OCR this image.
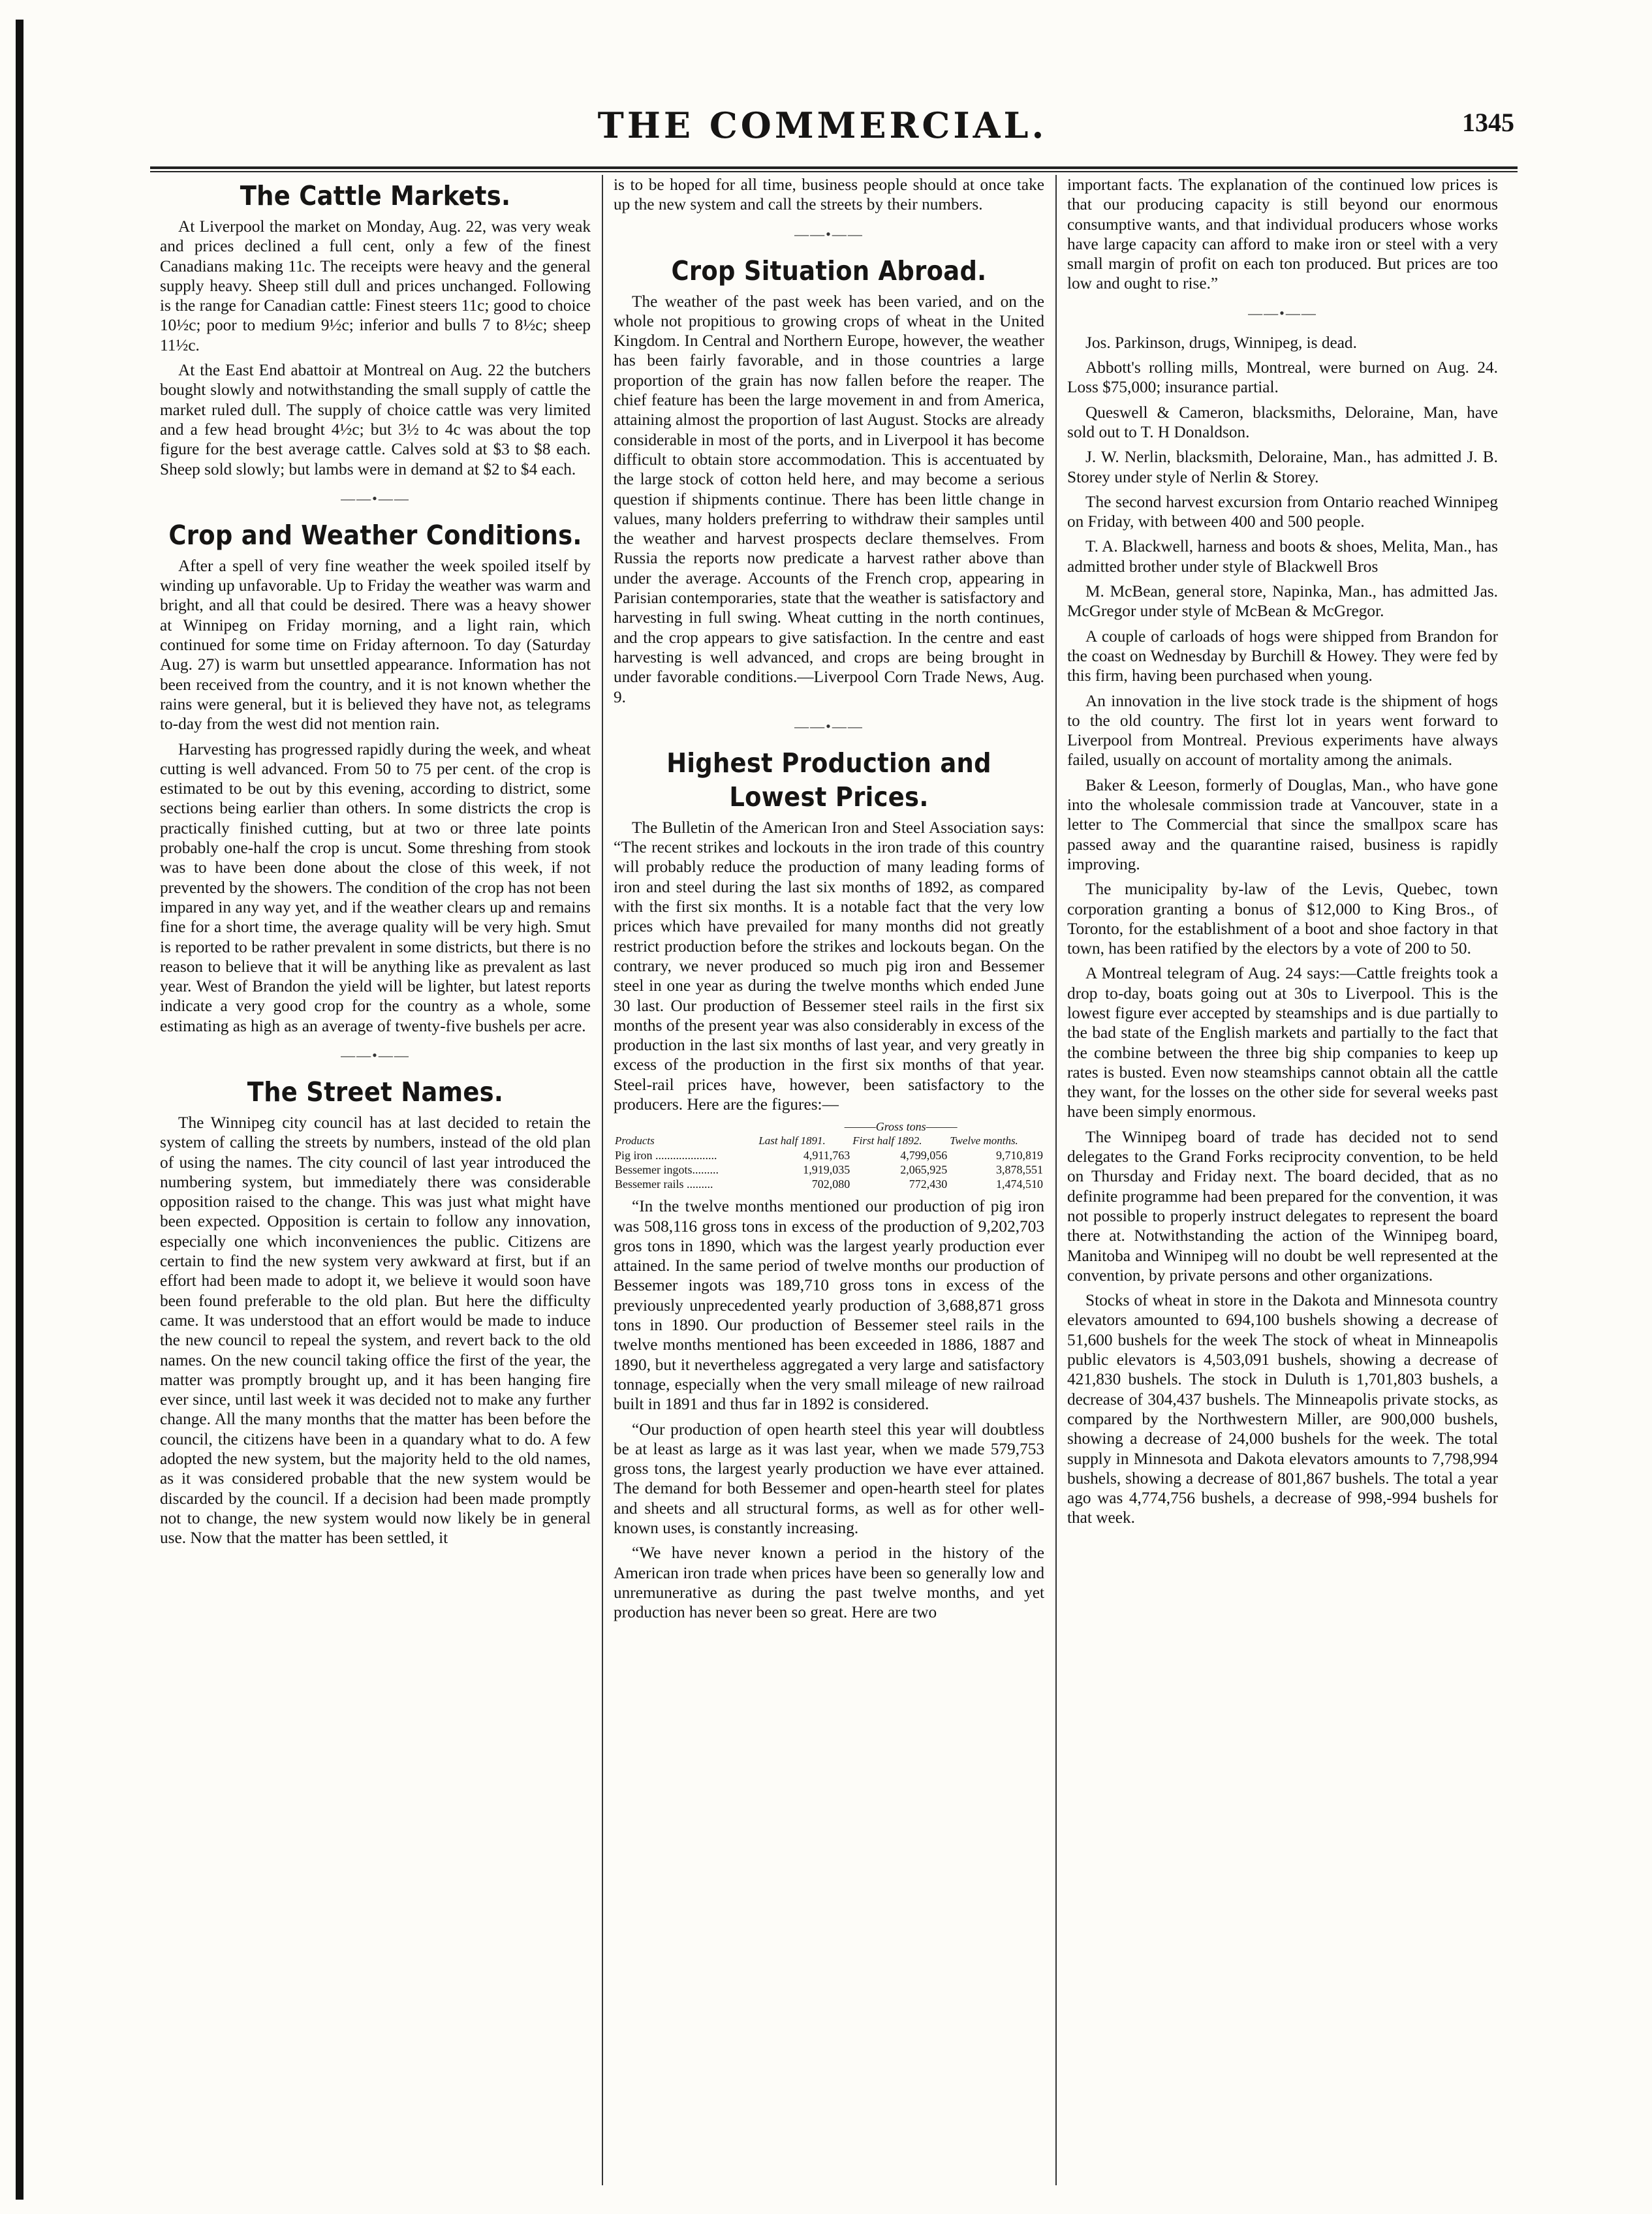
THE COMMERCIAL.	1345
The Cattle Markets.

At Liverpool the market on Monday, Aug. 22, was very weak and prices declined a full cent, only a few of the finest Canadians making 11c. The receipts were heavy and the general supply heavy. Sheep still dull and prices unchanged. Following is the range for Canadian cattle: Finest steers 11c; good to choice 10½c; poor to medium 9½c; inferior and bulls 7 to 8½c; sheep 11½c.

At the East End abattoir at Montreal on Aug. 22 the butchers bought slowly and notwithstanding the small supply of cattle the market ruled dull. The supply of choice cattle was very limited and a few head brought 4½c; but 3½ to 4c was about the top figure for the best average cattle. Calves sold at $3 to $8 each. Sheep sold slowly; but lambs were in demand at $2 to $4 each.

——•——
Crop and Weather Conditions.

After a spell of very fine weather the week spoiled itself by winding up unfavorable. Up to Friday the weather was warm and bright, and all that could be desired. There was a heavy shower at Winnipeg on Friday morning, and a light rain, which continued for some time on Friday afternoon. To day (Saturday Aug. 27) is warm but unsettled appearance. Information has not been received from the country, and it is not known whether the rains were general, but it is believed they have not, as telegrams to-day from the west did not mention rain.

Harvesting has progressed rapidly during the week, and wheat cutting is well advanced. From 50 to 75 per cent. of the crop is estimated to be out by this evening, according to district, some sections being earlier than others. In some districts the crop is practically finished cutting, but at two or three late points probably one-half the crop is uncut. Some threshing from stook was to have been done about the close of this week, if not prevented by the showers. The condition of the crop has not been impared in any way yet, and if the weather clears up and remains fine for a short time, the average quality will be very high. Smut is reported to be rather prevalent in some districts, but there is no reason to believe that it will be anything like as prevalent as last year. West of Brandon the yield will be lighter, but latest reports indicate a very good crop for the country as a whole, some estimating as high as an average of twenty-five bushels per acre.

——•——
The Street Names.

The Winnipeg city council has at last decided to retain the system of calling the streets by numbers, instead of the old plan of using the names. The city council of last year introduced the numbering system, but immediately there was considerable opposition raised to the change. This was just what might have been expected. Opposition is certain to follow any innovation, especially one which inconveniences the public. Citizens are certain to find the new system very awkward at first, but if an effort had been made to adopt it, we believe it would soon have been found preferable to the old plan. But here the difficulty came. It was understood that an effort would be made to induce the new council to repeal the system, and revert back to the old names. On the new council taking office the first of the year, the matter was promptly brought up, and it has been hanging fire ever since, until last week it was decided not to make any further change. All the many months that the matter has been before the council, the citizens have been in a quandary what to do. A few adopted the new system, but the majority held to the old names, as it was considered probable that the new system would be discarded by the council. If a decision had been made promptly not to change, the new system would now likely be in general use. Now that the matter has been settled, it

is to be hoped for all time, business people should at once take up the new system and call the streets by their numbers.

——•——
Crop Situation Abroad.

The weather of the past week has been varied, and on the whole not propitious to growing crops of wheat in the United Kingdom. In Central and Northern Europe, however, the weather has been fairly favorable, and in those countries a large proportion of the grain has now fallen before the reaper. The chief feature has been the large movement in and from America, attaining almost the proportion of last August. Stocks are already considerable in most of the ports, and in Liverpool it has become difficult to obtain store accommodation. This is accentuated by the large stock of cotton held here, and may become a serious question if shipments continue. There has been little change in values, many holders preferring to withdraw their samples until the weather and harvest prospects declare themselves. From Russia the reports now predicate a harvest rather above than under the average. Accounts of the French crop, appearing in Parisian contemporaries, state that the weather is satisfactory and harvesting in full swing. Wheat cutting in the north continues, and the crop appears to give satisfaction. In the centre and east harvesting is well advanced, and crops are being brought in under favorable conditions.—Liverpool Corn Trade News, Aug. 9.

——•——
Highest Production and Lowest Prices.

The Bulletin of the American Iron and Steel Association says: “The recent strikes and lockouts in the iron trade of this country will probably reduce the production of many leading forms of iron and steel during the last six months of 1892, as compared with the first six months. It is a notable fact that the very low prices which have prevailed for many months did not greatly restrict production before the strikes and lockouts began. On the contrary, we never produced so much pig iron and Bessemer steel in one year as during the twelve months which ended June 30 last. Our production of Bessemer steel rails in the first six months of the present year was also considerably in excess of the production in the last six months of last year, and very greatly in excess of the production in the first six months of that year. Steel-rail prices have, however, been satisfactory to the producers. Here are the figures:—

	———Gross tons———		
Products	Last half 1891.	First half 1892.	Twelve months.
Pig iron .....................	4,911,763	4,799,056	9,710,819
Bessemer ingots.........	1,919,035	2,065,925	3,878,551
Bessemer rails .........	702,080	772,430	1,474,510

“In the twelve months mentioned our production of pig iron was 508,116 gross tons in excess of the production of 9,202,703 gros tons in 1890, which was the largest yearly production ever attained. In the same period of twelve months our production of Bessemer ingots was 189,710 gross tons in excess of the previously unprecedented yearly production of 3,688,871 gross tons in 1890. Our production of Bessemer steel rails in the twelve months mentioned has been exceeded in 1886, 1887 and 1890, but it nevertheless aggregated a very large and satisfactory tonnage, especially when the very small mileage of new railroad built in 1891 and thus far in 1892 is considered.

“Our production of open hearth steel this year will doubtless be at least as large as it was last year, when we made 579,753 gross tons, the largest yearly production we have ever attained. The demand for both Bessemer and open-hearth steel for plates and sheets and all structural forms, as well as for other well-known uses, is constantly increasing.

“We have never known a period in the history of the American iron trade when prices have been so generally low and unremunerative as during the past twelve months, and yet production has never been so great. Here are two

important facts. The explanation of the continued low prices is that our producing capacity is still beyond our enormous consumptive wants, and that individual producers whose works have large capacity can afford to make iron or steel with a very small margin of profit on each ton produced. But prices are too low and ought to rise.”

——•——

Jos. Parkinson, drugs, Winnipeg, is dead.

Abbott's rolling mills, Montreal, were burned on Aug. 24. Loss $75,000; insurance partial.

Queswell & Cameron, blacksmiths, Deloraine, Man, have sold out to T. H Donaldson.

J. W. Nerlin, blacksmith, Deloraine, Man., has admitted J. B. Storey under style of Nerlin & Storey.

The second harvest excursion from Ontario reached Winnipeg on Friday, with between 400 and 500 people.

T. A. Blackwell, harness and boots & shoes, Melita, Man., has admitted brother under style of Blackwell Bros

M. McBean, general store, Napinka, Man., has admitted Jas. McGregor under style of McBean & McGregor.

A couple of carloads of hogs were shipped from Brandon for the coast on Wednesday by Burchill & Howey. They were fed by this firm, having been purchased when young.

An innovation in the live stock trade is the shipment of hogs to the old country. The first lot in years went forward to Liverpool from Montreal. Previous experiments have always failed, usually on account of mortality among the animals.

Baker & Leeson, formerly of Douglas, Man., who have gone into the wholesale commission trade at Vancouver, state in a letter to The Commercial that since the smallpox scare has passed away and the quarantine raised, business is rapidly improving.

The municipality by-law of the Levis, Quebec, town corporation granting a bonus of $12,000 to King Bros., of Toronto, for the establishment of a boot and shoe factory in that town, has been ratified by the electors by a vote of 200 to 50.

A Montreal telegram of Aug. 24 says:—Cattle freights took a drop to-day, boats going out at 30s to Liverpool. This is the lowest figure ever accepted by steamships and is due partially to the bad state of the English markets and partially to the fact that the combine between the three big ship companies to keep up rates is busted. Even now steamships cannot obtain all the cattle they want, for the losses on the other side for several weeks past have been simply enormous.

The Winnipeg board of trade has decided not to send delegates to the Grand Forks reciprocity convention, to be held on Thursday and Friday next. The board decided, that as no definite programme had been prepared for the convention, it was not possible to properly instruct delegates to represent the board there at. Notwithstanding the action of the Winnipeg board, Manitoba and Winnipeg will no doubt be well represented at the convention, by private persons and other organizations.

Stocks of wheat in store in the Dakota and Minnesota country elevators amounted to 694,100 bushels showing a decrease of 51,600 bushels for the week The stock of wheat in Minneapolis public elevators is 4,503,091 bushels, showing a decrease of 421,830 bushels. The stock in Duluth is 1,701,803 bushels, a decrease of 304,437 bushels. The Minneapolis private stocks, as compared by the Northwestern Miller, are 900,000 bushels, showing a decrease of 24,000 bushels for the week. The total supply in Minnesota and Dakota elevators amounts to 7,798,994 bushels, showing a decrease of 801,867 bushels. The total a year ago was 4,774,756 bushels, a decrease of 998,-994 bushels for that week.
